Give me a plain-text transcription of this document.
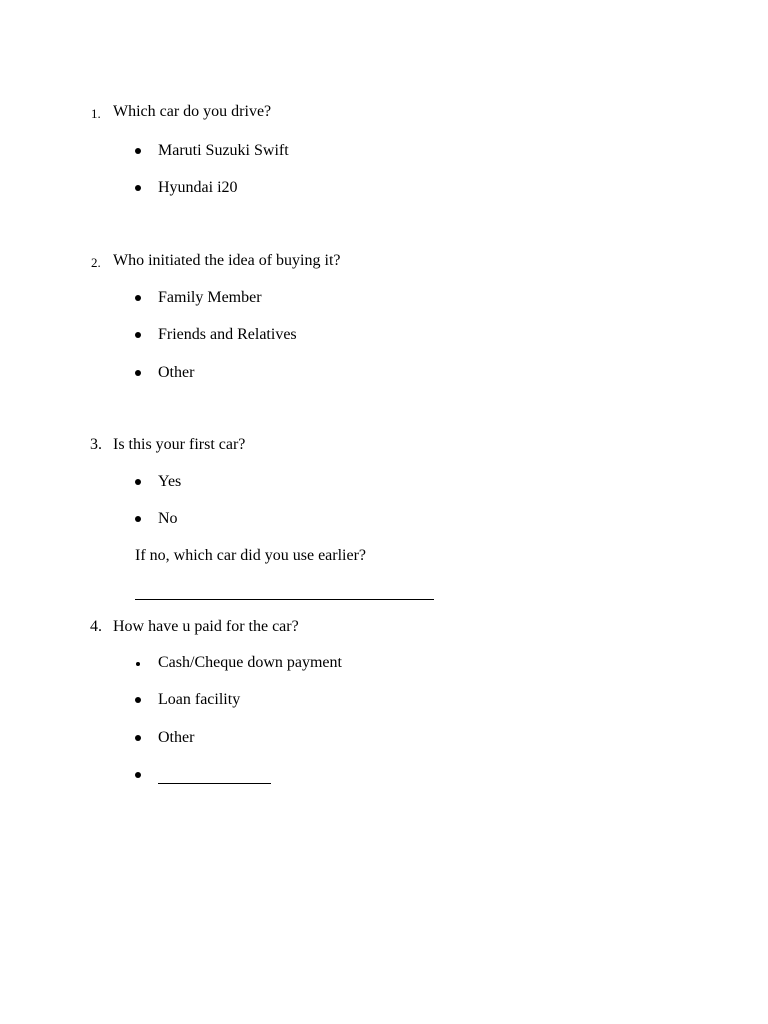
1. Which car do you drive?
Maruti Suzuki Swift
Hyundai i20
2. Who initiated the idea of buying it?
Family Member
Friends and Relatives
Other
3. Is this your first car?
Yes
No
If no, which car did you use earlier?
4. How have u paid for the car?
Cash/Cheque down payment
Loan facility
Other
